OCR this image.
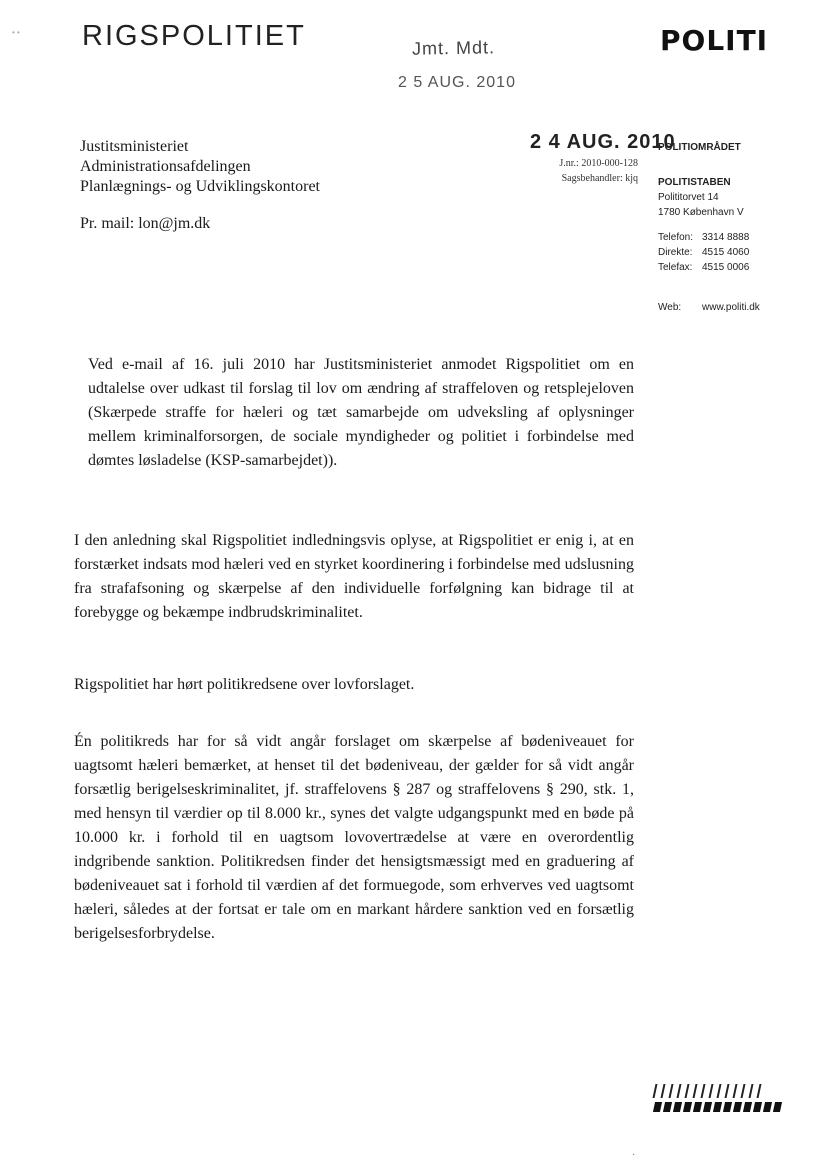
• • RIGSPOLITIET	Jmt. Mdt.
2 5 AUG. 2010
POLITI
Justitsministeriet
Administrationsafdelingen
Planlægnings- og Udviklingskontoret
Pr. mail: lon@jm.dk
2 4 AUG. 2010
J.nr.: 2010-000-128
Sagsbehandler: kjq
POLITIOMRÅDET
POLITISTABEN
Polititorvet 14
1780 København V
Telefon: 3314 8888
Direkte: 4515 4060
Telefax: 4515 0006
Web:	www.politi.dk
Ved e-mail af 16. juli 2010 har Justitsministeriet anmodet Rigspolitiet om en udtalelse over udkast til forslag til lov om ændring af straffeloven og retsplejeloven (Skærpede straffe for hæleri og tæt samarbejde om udveksling af oplysninger mellem kriminalforsorgen, de sociale myndigheder og politiet i forbindelse med dømtes løsladelse (KSP-samarbejdet)).
I den anledning skal Rigspolitiet indledningsvis oplyse, at Rigspolitiet er enig i, at en forstærket indsats mod hæleri ved en styrket koordinering i forbindelse med udslusning fra strafafsoning og skærpelse af den individuelle forfølgning kan bidrage til at forebygge og bekæmpe indbrudskriminalitet.
Rigspolitiet har hørt politikredsene over lovforslaget.
Én politikreds har for så vidt angår forslaget om skærpelse af bødeniveauet for uagtsomt hæleri bemærket, at henset til det bødeniveau, der gælder for så vidt angår forsætlig berigelseskriminalitet, jf. straffelovens § 287 og straffelovens § 290, stk. 1, med hensyn til værdier op til 8.000 kr., synes det valgte udgangspunkt med en bøde på 10.000 kr. i forhold til en uagtsom lovovertrædelse at være en overordentlig indgribende sanktion. Politikredsen finder det hensigtsmæssigt med en graduering af bødeniveauet sat i forhold til værdien af det formuegode, som erhverves ved uagtsomt hæleri, således at der fortsat er tale om en markant hårdere sanktion ved en forsætlig berigelsesforbrydelse.
·
